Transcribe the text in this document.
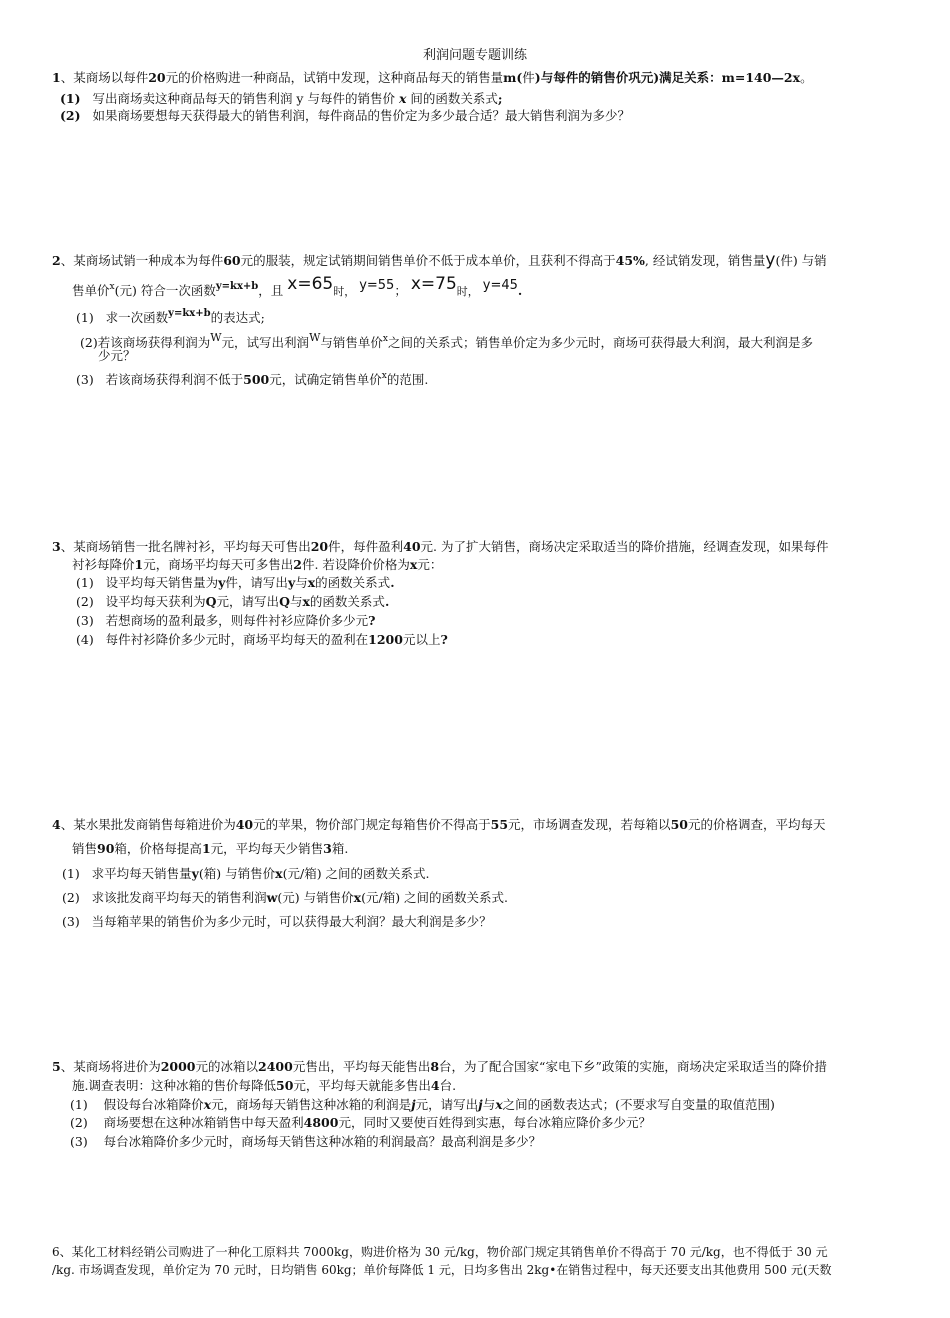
利润问题专题训练
1、某商场以每件20元的价格购进一种商品，试销中发现，这种商品每天的销售量m(件)与每件的销售价巩元)满足关系：m=140—2x。
(1) 写出商场卖这种商品每天的销售利润 y 与每件的销售价 x 间的函数关系式;
(2) 如果商场要想每天获得最大的销售利润，每件商品的售价定为多少最合适？最大销售利润为多少？
2、某商场试销一种成本为每件60元的服装，规定试销期间销售单价不低于成本单价，且获利不得高于45%, 经试销发现，销售量y(件) 与销
售单价$^x$(元) 符合一次函数$^{y=kx+b}$，且 x=65时， y=55； x=75时， y=45.
(1) 求一次函数$^{y=kx+b}$的表达式;
(2)若该商场获得利润为W元，试写出利润W与销售单价$^x$之间的关系式；销售单价定为多少元时，商场可获得最大利润，最大利润是多
少元？
(3) 若该商场获得利润不低于500元，试确定销售单价$^x$的范围.
3、某商场销售一批名牌衬衫，平均每天可售出20件，每件盈利40元. 为了扩大销售，商场决定采取适当的降价措施，经调查发现，如果每件
衬衫每降价1元，商场平均每天可多售出2件. 若设降价价格为x元：
(1) 设平均每天销售量为y件，请写出y与x的函数关系式.
(2) 设平均每天获利为Q元，请写出Q与x的函数关系式.
(3) 若想商场的盈利最多，则每件衬衫应降价多少元?
(4) 每件衬衫降价多少元时，商场平均每天的盈利在1200元以上?
4、某水果批发商销售每箱进价为40元的苹果，物价部门规定每箱售价不得高于55元，市场调查发现，若每箱以50元的价格调查，平均每天
销售90箱，价格每提高1元，平均每天少销售3箱.
(1) 求平均每天销售量y(箱) 与销售价x(元/箱) 之间的函数关系式.
(2) 求该批发商平均每天的销售利润w(元) 与销售价x(元/箱) 之间的函数关系式.
(3) 当每箱苹果的销售价为多少元时，可以获得最大利润？最大利润是多少？
5、某商场将进价为2000元的冰箱以2400元售出，平均每天能售出8台，为了配合国家“家电下乡”政策的实施，商场决定采取适当的降价措
施.调查表明：这种冰箱的售价每降低50元，平均每天就能多售出4台.
(1) 假设每台冰箱降价x元，商场每天销售这种冰箱的利润是j元，请写出j与x之间的函数表达式；(不要求写自变量的取值范围)
(2) 商场要想在这种冰箱销售中每天盈利4800元，同时又要使百姓得到实惠，每台冰箱应降价多少元？
(3) 每台冰箱降价多少元时，商场每天销售这种冰箱的利润最高？最高利润是多少？
6、某化工材料经销公司购进了一种化工原料共 7000kg，购进价格为 30 元/kg，物价部门规定其销售单价不得高于 70 元/kg，也不得低于 30 元
/kg. 市场调查发现，单价定为 70 元时，日均销售 60kg；单价每降低 1 元，日均多售出 2kg•在销售过程中，每天还要支出其他费用 500 元(天数
